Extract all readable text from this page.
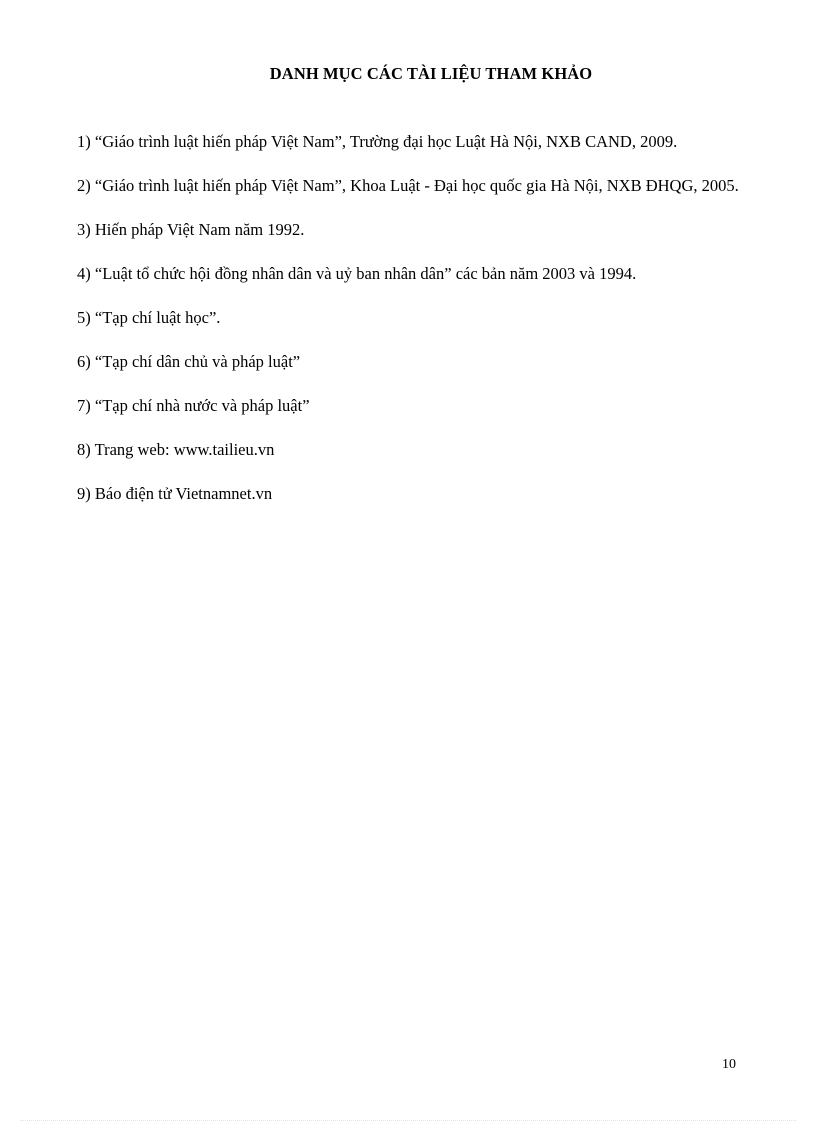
DANH MỤC CÁC TÀI LIỆU THAM KHẢO
1) “Giáo trình luật hiến pháp Việt Nam”, Trường đại học Luật Hà Nội, NXB CAND, 2009.
2) “Giáo trình luật hiến pháp Việt Nam”, Khoa Luật - Đại học quốc gia Hà Nội, NXB ĐHQG, 2005.
3) Hiến pháp Việt Nam năm 1992.
4) “Luật tổ chức hội đồng nhân dân và uỷ ban nhân dân” các bản năm 2003 và 1994.
5) “Tạp chí luật học”.
6) “Tạp chí dân chủ và pháp luật”
7) “Tạp chí nhà nước và pháp luật”
8) Trang web: www.tailieu.vn
9) Báo điện tử Vietnamnet.vn
10
